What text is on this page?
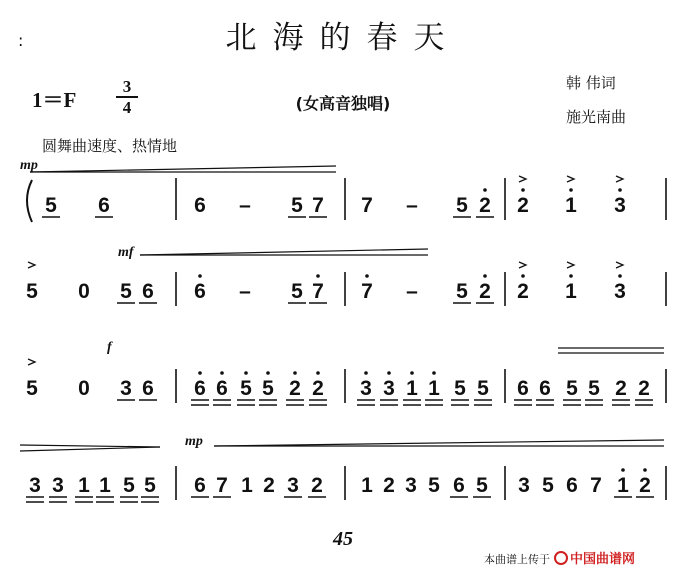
北海的春天
1＝F
3
4	(女高音独唱)
韩 伟词
施光南曲
圆舞曲速度、热情地
mp
mf
f
mp
45
本曲谱上传于 中国曲谱网
:
5 6	6 – 5 7 7 – 5 2 2 1 3
5 0 5 6 6 – 5 7 7 – 5 2 2 1 3
5 0 3 6 6 6 5 5 2 2 3 3 1 1 5 5 6 6 5 5 2 2
3 3 1 1 5 5 6 7 1 2 3 2 1 2 3 5 6 5 3 5 6 7 1 2
